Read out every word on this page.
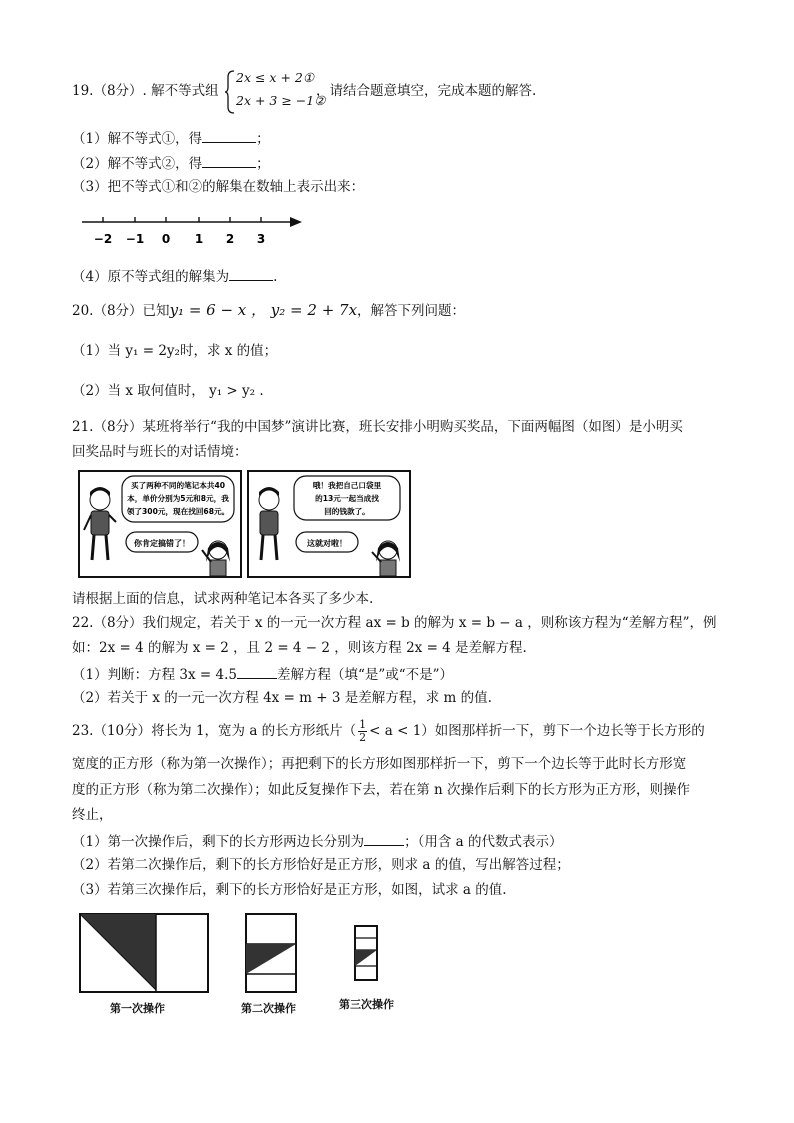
19.（8分）. 解不等式组
2x ≤ x + 2①
2x + 3 ≥ −1②
，请结合题意填空，完成本题的解答.
（1）解不等式①，得	；
（2）解不等式②，得	；
（3）把不等式①和②的解集在数轴上表示出来：
−2 −1 0 1 2 3
（4）原不等式组的解集为	.
20.（8分）已知y₁ = 6 − x ， y₂ = 2 + 7x，解答下列问题：
（1）当 y₁ = 2y₂时，求 x 的值；
（2）当 x 取何值时， y₁ > y₂ .
21.（8分）某班将举行“我的中国梦”演讲比赛，班长安排小明购买奖品，下面两幅图（如图）是小明买
回奖品时与班长的对话情境：
买了两种不同的笔记本共40
本，单价分别为5元和8元，我
领了300元，现在找回68元。
你肯定搞错了！
哦！我把自己口袋里
的13元一起当成找
回的钱款了。
这就对啦！
请根据上面的信息，试求两种笔记本各买了多少本.
22.（8分）我们规定，若关于 x 的一元一次方程 ax = b 的解为 x = b − a ，则称该方程为“差解方程”，例
如：2x = 4 的解为 x = 2 ，且 2 = 4 − 2 ，则该方程 2x = 4 是差解方程.
（1）判断：方程 3x = 4.5	差解方程（填“是”或“不是”）
（2）若关于 x 的一元一次方程 4x = m + 3 是差解方程，求 m 的值.
23.（10分）将长为 1，宽为 a 的长方形纸片（ $\frac{1}{2} < a < 1$）如图那样折一下，剪下一个边长等于长方形的
宽度的正方形（称为第一次操作）；再把剩下的长方形如图那样折一下，剪下一个边长等于此时长方形宽
度的正方形（称为第二次操作）；如此反复操作下去，若在第 n 次操作后剩下的长方形为正方形，则操作
终止，
（1）第一次操作后，剩下的长方形两边长分别为	；（用含 a 的代数式表示）
（2）若第二次操作后，剩下的长方形恰好是正方形，则求 a 的值，写出解答过程；
（3）若第三次操作后，剩下的长方形恰好是正方形，如图，试求 a 的值.
第一次操作	第二次操作	第三次操作
